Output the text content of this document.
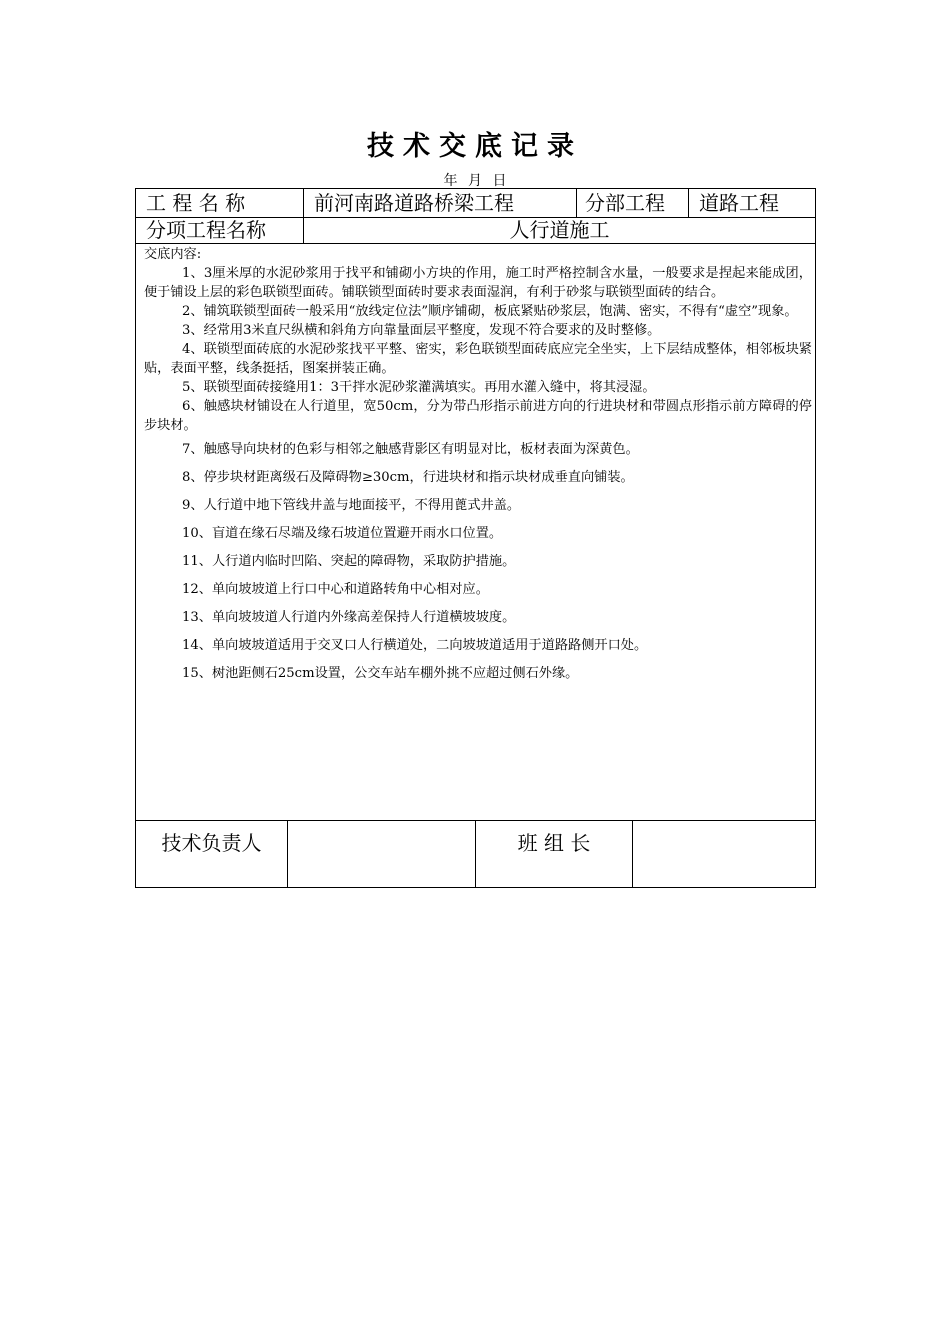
技术交底记录
年 月 日
工 程 名 称	前河南路道路桥梁工程	分部工程	道路工程
分项工程名称	人行道施工
交底内容:

1、3厘米厚的水泥砂浆用于找平和铺砌小方块的作用，施工时严格控制含水量，一般要求是捏起来能成团，便于铺设上层的彩色联锁型面砖。铺联锁型面砖时要求表面湿润，有利于砂浆与联锁型面砖的结合。

2、铺筑联锁型面砖一般采用“放线定位法”顺序铺砌，板底紧贴砂浆层，饱满、密实，不得有“虚空”现象。

3、经常用3米直尺纵横和斜角方向靠量面层平整度，发现不符合要求的及时整修。

4、联锁型面砖底的水泥砂浆找平平整、密实，彩色联锁型面砖底应完全坐实，上下层结成整体，相邻板块紧贴，表面平整，线条挺括，图案拼装正确。

5、联锁型面砖接缝用1：3干拌水泥砂浆灌满填实。再用水灌入缝中，将其浸湿。

6、触感块材铺设在人行道里，宽50cm，分为带凸形指示前进方向的行进块材和带圆点形指示前方障碍的停步块材。

7、触感导向块材的色彩与相邻之触感背影区有明显对比，板材表面为深黄色。

8、停步块材距离级石及障碍物≥30cm，行进块材和指示块材成垂直向铺装。

9、人行道中地下管线井盖与地面接平，不得用蓖式井盖。

10、盲道在缘石尽端及缘石坡道位置避开雨水口位置。

11、人行道内临时凹陷、突起的障碍物，采取防护措施。

12、单向坡坡道上行口中心和道路转角中心相对应。

13、单向坡坡道人行道内外缘高差保持人行道横坡坡度。

14、单向坡坡道适用于交叉口人行横道处，二向坡坡道适用于道路路侧开口处。

15、树池距侧石25cm设置，公交车站车棚外挑不应超过侧石外缘。

技术负责人	班 组 长
